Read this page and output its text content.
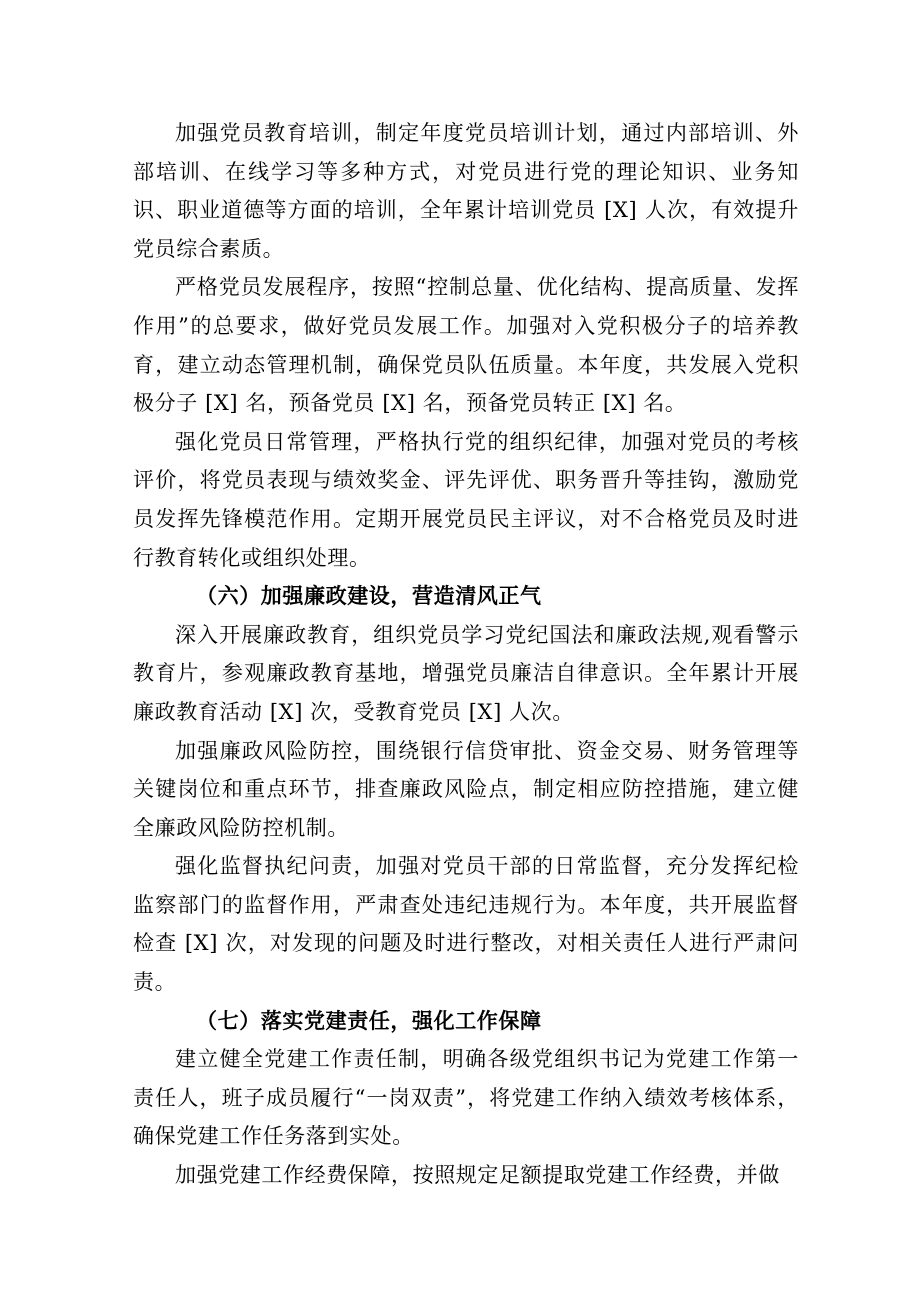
加强党员教育培训，制定年度党员培训计划，通过内部培训、外部培训、在线学习等多种方式，对党员进行党的理论知识、业务知识、职业道德等方面的培训，全年累计培训党员 [X] 人次，有效提升党员综合素质。

严格党员发展程序，按照“控制总量、优化结构、提高质量、发挥作用”的总要求，做好党员发展工作。加强对入党积极分子的培养教育，建立动态管理机制，确保党员队伍质量。本年度，共发展入党积极分子 [X] 名，预备党员 [X] 名，预备党员转正 [X] 名。

强化党员日常管理，严格执行党的组织纪律，加强对党员的考核评价，将党员表现与绩效奖金、评先评优、职务晋升等挂钩，激励党员发挥先锋模范作用。定期开展党员民主评议，对不合格党员及时进行教育转化或组织处理。

（六）加强廉政建设，营造清风正气

深入开展廉政教育，组织党员学习党纪国法和廉政法规,观看警示教育片，参观廉政教育基地，增强党员廉洁自律意识。全年累计开展廉政教育活动 [X] 次，受教育党员 [X] 人次。

加强廉政风险防控，围绕银行信贷审批、资金交易、财务管理等关键岗位和重点环节，排查廉政风险点，制定相应防控措施，建立健全廉政风险防控机制。

强化监督执纪问责，加强对党员干部的日常监督，充分发挥纪检监察部门的监督作用，严肃查处违纪违规行为。本年度，共开展监督检查 [X] 次，对发现的问题及时进行整改，对相关责任人进行严肃问责。

（七）落实党建责任，强化工作保障

建立健全党建工作责任制，明确各级党组织书记为党建工作第一责任人，班子成员履行“一岗双责”，将党建工作纳入绩效考核体系，确保党建工作任务落到实处。

加强党建工作经费保障，按照规定足额提取党建工作经费，并做
